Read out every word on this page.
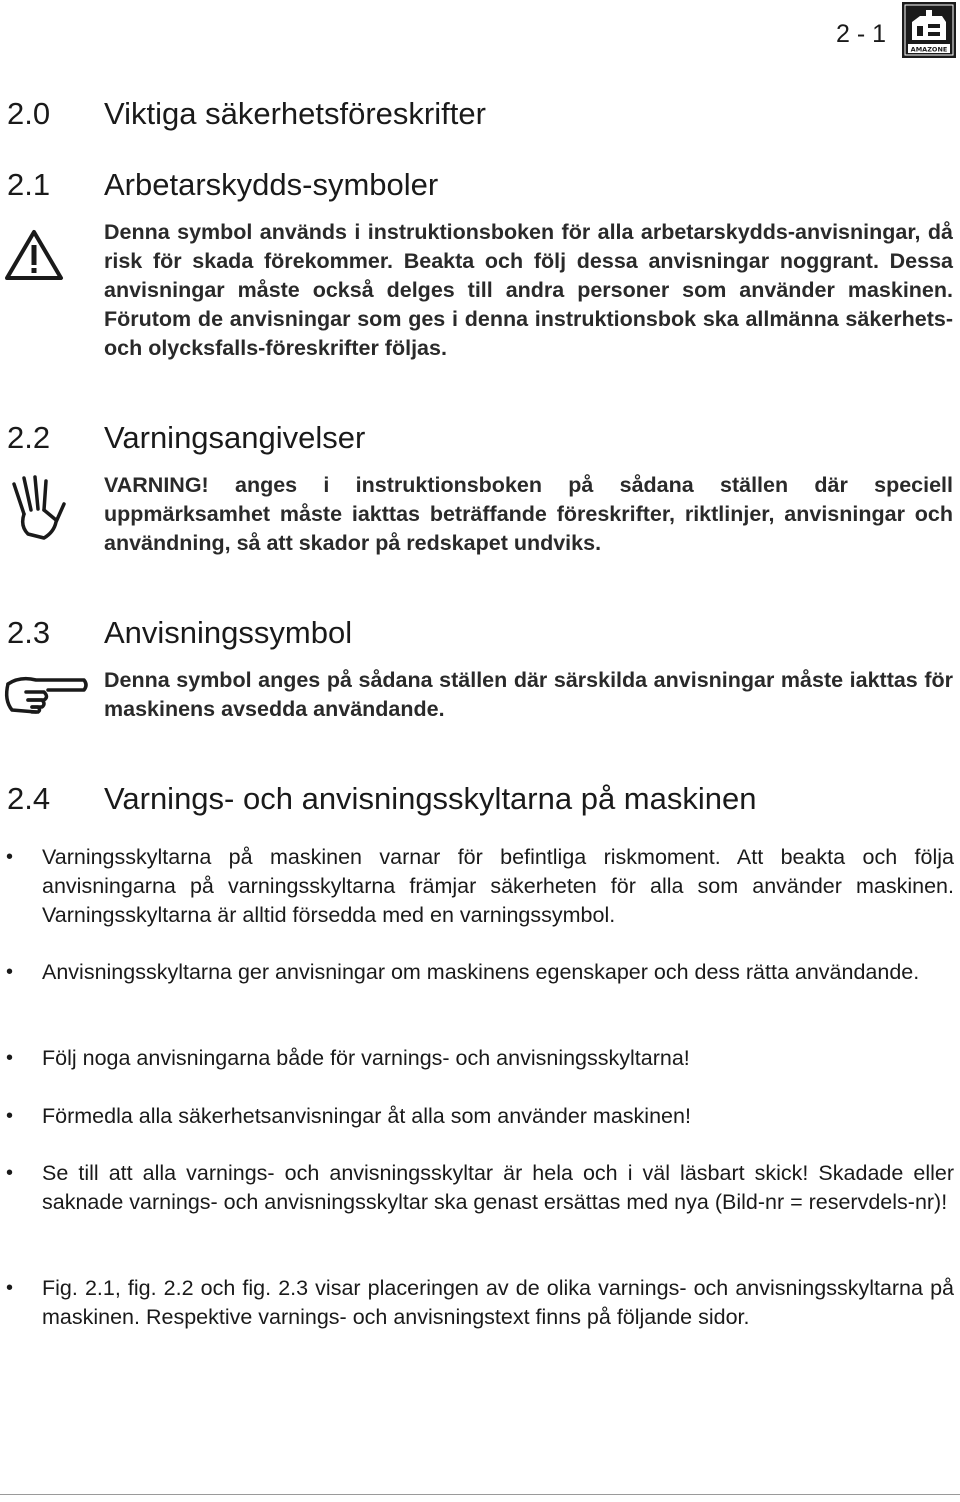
2 - 1
AMAZONE
2.0 Viktiga säkerhetsföreskrifter
2.1 Arbetarskydds-symboler

Denna symbol används i instruktionsboken för alla arbetarskydds-anvisningar, då risk för skada förekommer. Beakta och följ dessa anvisningar noggrant. Dessa anvisningar måste också delges till andra personer som använder maskinen. Förutom de anvisningar som ges i denna instruktionsbok ska allmänna säkerhets- och olycksfalls-föreskrifter följas.

2.2 Varningsangivelser

VARNING! anges i instruktionsboken på sådana ställen där speciell uppmärksamhet måste iakttas beträffande föreskrifter, riktlinjer, anvisningar och användning, så att skador på redskapet undviks.

2.3 Anvisningssymbol

Denna symbol anges på sådana ställen där särskilda anvisningar måste iakttas för maskinens avsedda användande.

2.4 Varnings- och anvisningsskyltarna på maskinen
• Varningsskyltarna på maskinen varnar för befintliga riskmoment. Att beakta och följa anvisningarna på varningsskyltarna främjar säkerheten för alla som använder maskinen. Varningsskyltarna är alltid försedda med en varningssymbol.

• Anvisningsskyltarna ger anvisningar om maskinens egenskaper och dess rätta användande.

• Följ noga anvisningarna både för varnings- och anvisningsskyltarna!

• Förmedla alla säkerhetsanvisningar åt alla som använder maskinen!

• Se till att alla varnings- och anvisningsskyltar är hela och i väl läsbart skick! Skadade eller saknade varnings- och anvisningsskyltar ska genast ersättas med nya (Bild-nr = reservdels-nr)!

• Fig. 2.1, fig. 2.2 och fig. 2.3 visar placeringen av de olika varnings- och anvisningsskyltarna på maskinen. Respektive varnings- och anvisningstext finns på följande sidor.
